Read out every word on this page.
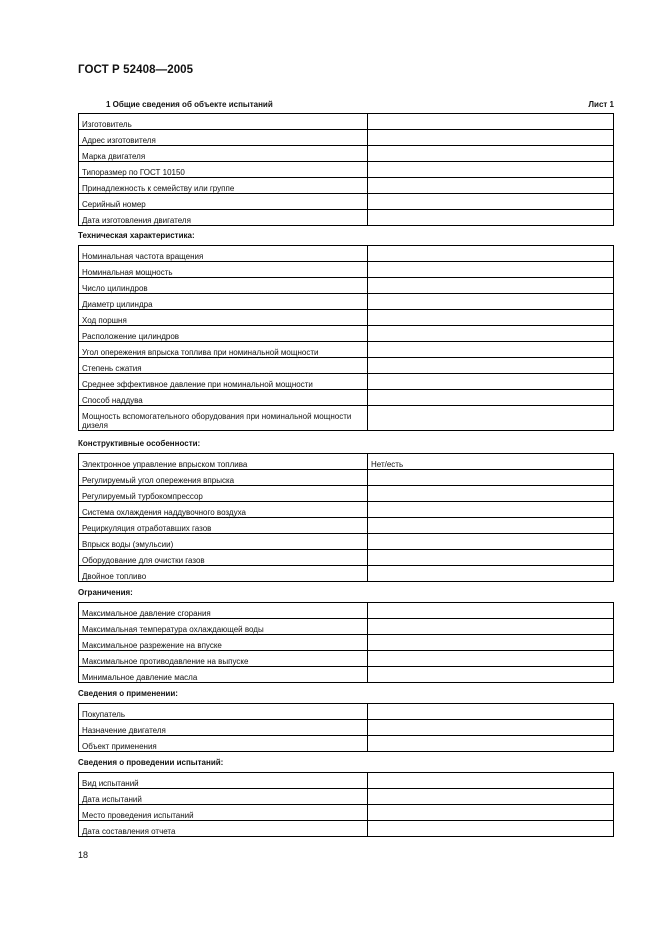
ГОСТ Р 52408—2005
1 Общие сведения об объекте испытаний	Лист 1
Изготовитель	
Адрес изготовителя	
Марка двигателя	
Типоразмер по ГОСТ 10150	
Принадлежность к семейству или группе	
Серийный номер	
Дата изготовления двигателя	
Техническая характеристика:
Номинальная частота вращения	
Номинальная мощность	
Число цилиндров	
Диаметр цилиндра	
Ход поршня	
Расположение цилиндров	
Угол опережения впрыска топлива при номинальной мощности	
Степень сжатия	
Среднее эффективное давление при номинальной мощности	
Способ наддува	
Мощность вспомогательного оборудования при номинальной мощности дизеля	
Конструктивные особенности:
Электронное управление впрыском топлива	Нет/есть
Регулируемый угол опережения впрыска	
Регулируемый турбокомпрессор	
Система охлаждения наддувочного воздуха	
Рециркуляция отработавших газов	
Впрыск воды (эмульсии)	
Оборудование для очистки газов	
Двойное топливо	
Ограничения:
Максимальное давление сгорания	
Максимальная температура охлаждающей воды	
Максимальное разрежение на впуске	
Максимальное противодавление на выпуске	
Минимальное давление масла	
Сведения о применении:
Покупатель	
Назначение двигателя	
Объект применения	
Сведения о проведении испытаний:
Вид испытаний	
Дата испытаний	
Место проведения испытаний	
Дата составления отчета	
18
